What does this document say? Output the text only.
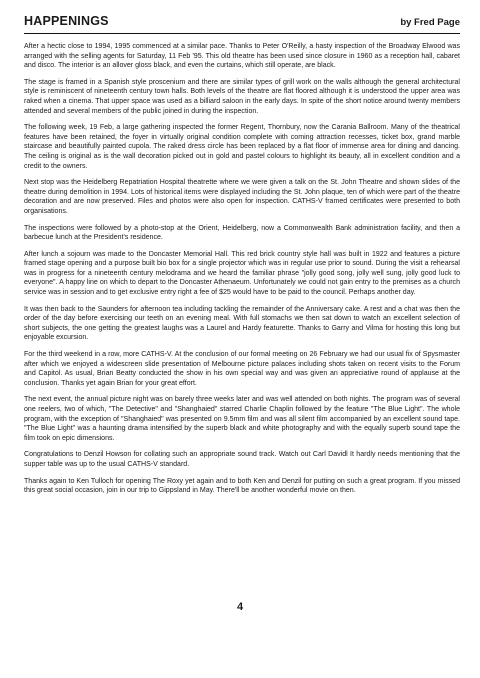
HAPPENINGS	by Fred Page

After a hectic close to 1994, 1995 commenced at a similar pace. Thanks to Peter O'Reilly, a hasty inspection of the Broadway Elwood was arranged with the selling agents for Saturday, 11 Feb '95. This old theatre has been used since closure in 1960 as a reception hall, cabaret and disco. The interior is an allover gloss black, and even the curtains, which still operate, are black.

The stage is framed in a Spanish style proscenium and there are similar types of grill work on the walls although the general architectural style is reminiscent of nineteenth century town halls. Both levels of the theatre are flat floored although it is understood the upper area was raked when a cinema. That upper space was used as a billiard saloon in the early days. In spite of the short notice around twenty members attended and several members of the public joined in during the inspection.

The following week, 19 Feb, a large gathering inspected the former Regent, Thornbury, now the Carania Ballroom. Many of the theatrical features have been retained, the foyer in virtually original condition complete with coming attraction recesses, ticket box, grand marble staircase and beautifully painted cupola. The raked dress circle has been replaced by a flat floor of immense area for dining and dancing. The ceiling is original as is the wall decoration picked out in gold and pastel colours to highlight its beauty, all in excellent condition and a credit to the owners.

Next stop was the Heidelberg Repatriation Hospital theatrette where we were given a talk on the St. John Theatre and shown slides of the theatre during demolition in 1994. Lots of historical items were displayed including the St. John plaque, ten of which were part of the theatre decoration and are now preserved. Files and photos were also open for inspection. CATHS-V framed certificates were presented to both organisations.

The inspections were followed by a photo-stop at the Orient, Heidelberg, now a Commonwealth Bank administration facility, and then a barbecue lunch at the President's residence.

After lunch a sojourn was made to the Doncaster Memorial Hall. This red brick country style hall was built in 1922 and features a picture framed stage opening and a purpose built bio box for a single projector which was in regular use prior to sound. During the visit a rehearsal was in progress for a nineteenth century melodrama and we heard the familiar phrase "jolly good song, jolly well sung, jolly good luck to everyone". A happy line on which to depart to the Doncaster Athenaeum. Unfortunately we could not gain entry to the premises as a church service was in session and to get exclusive entry right a fee of $25 would have to be paid to the council. Perhaps another day.

It was then back to the Saunders for afternoon tea including tackling the remainder of the Anniversary cake. A rest and a chat was then the order of the day before exercising our teeth on an evening meal. With full stomachs we then sat down to watch an excellent selection of short subjects, the one getting the greatest laughs was a Laurel and Hardy featurette. Thanks to Garry and Vilma for hosting this long but enjoyable excursion.

For the third weekend in a row, more CATHS-V. At the conclusion of our formal meeting on 26 February we had our usual fix of Spysmaster after which we enjoyed a widescreen slide presentation of Melbourne picture palaces including shots taken on recent visits to the Forum and Capitol. As usual, Brian Beatty conducted the show in his own special way and was given an appreciative round of applause at the conclusion. Thanks yet again Brian for your great effort.

The next event, the annual picture night was on barely three weeks later and was well attended on both nights. The program was of several one reelers, two of which, "The Detective" and "Shanghaied" starred Charlie Chaplin followed by the feature "The Blue Light". The whole program, with the exception of "Shanghaied" was presented on 9.5mm film and was all silent film accompanied by an excellent sound tape. "The Blue Light" was a haunting drama intensified by the superb black and white photography and with the equally superb sound tape the film took on epic dimensions.

Congratulations to Denzil Howson for collating such an appropriate sound track. Watch out Carl Davidl It hardly needs mentioning that the supper table was up to the usual CATHS-V standard.

Thanks again to Ken Tulloch for opening The Roxy yet again and to both Ken and Denzil for putting on such a great program. If you missed this great social occasion, join in our trip to Gippsland in May. There'll be another wonderful movie on then.

4
